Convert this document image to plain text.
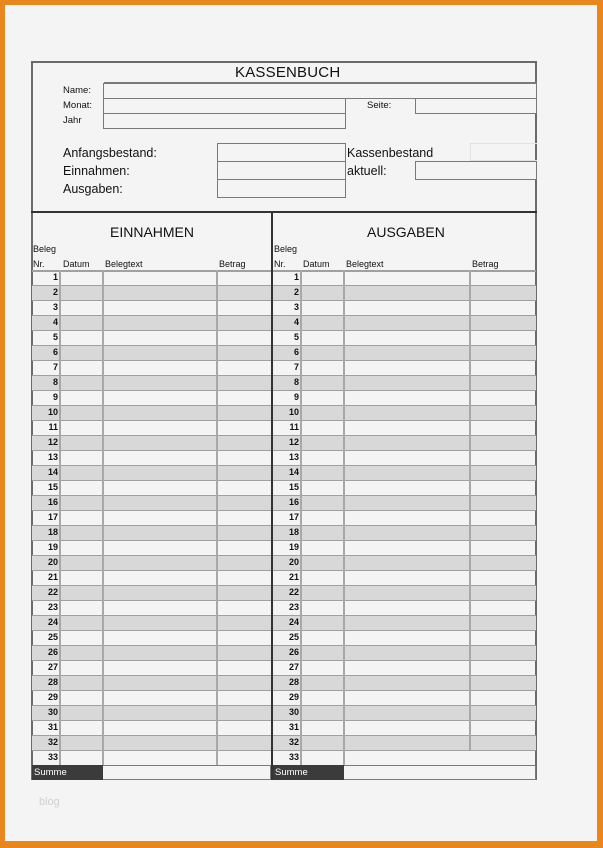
KASSENBUCH
Name:
Monat:
Jahr
Seite:
Anfangsbestand:
Einnahmen:
Ausgaben:
Kassenbestand
aktuell:
EINNAHMEN
Beleg
Nr. Datum Belegtext	Betrag
1
2
3
4
5
6
7
8
9
10
11
12
13
14
15
16
17
18
19
20
21
22
23
24
25
26
27
28
29
30
31
32
33
Summe
AUSGABEN
Beleg
Nr. Datum Belegtext	Betrag
1
2
3
4
5
6
7
8
9
10
11
12
13
14
15
16
17
18
19
20
21
22
23
24
25
26
27
28
29
30
31
32
33
Summe
blog
